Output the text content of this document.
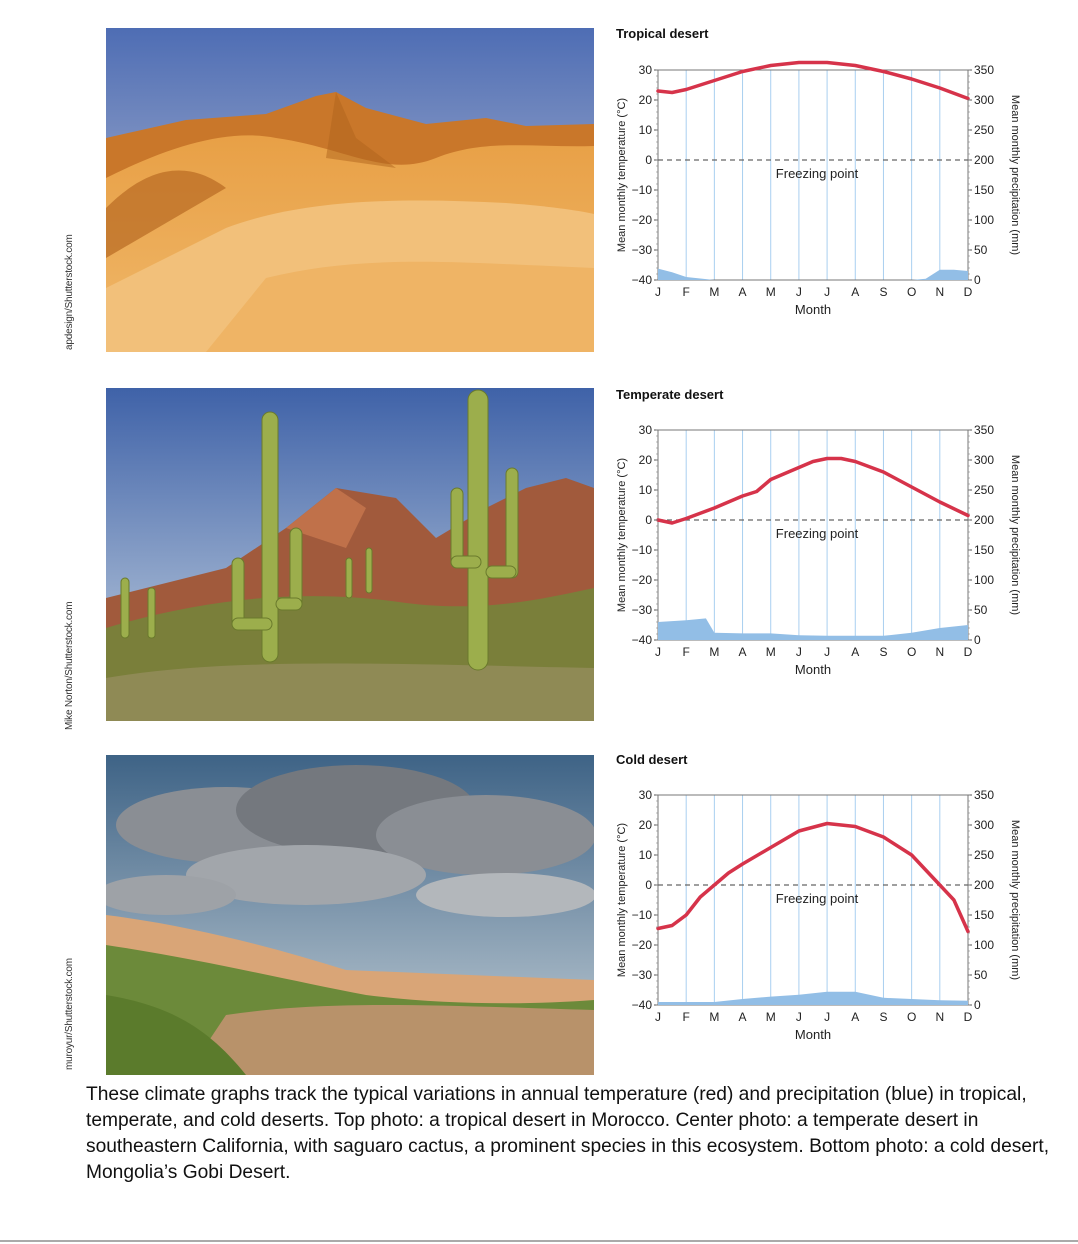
apdesign/Shutterstock.com
Tropical desert
Freezing point
30
20
10
0
−10
−20
−30
−40
350
300
250
200
150
100
50
0
J F M A M J J A S O N D
Month
Mean monthly temperature (°C)	Mean monthly precipitation (mm)
Mike Norton/Shutterstock.com
Temperate desert
Freezing point
30
20
10
0
−10
−20
−30
−40
350
300
250
200
150
100
50
0
J F M A M J J A S O N D
Month
Mean monthly temperature (°C)	Mean monthly precipitation (mm)
muroyur/Shutterstock.com
Cold desert
Freezing point
30
20
10
0
−10
−20
−30
−40
350
300
250
200
150
100
50
0
J F M A M J J A S O N D
Month
Mean monthly temperature (°C)	Mean monthly precipitation (mm)
These climate graphs track the typical variations in annual temperature (red) and precipitation (blue) in tropical, temperate, and cold deserts. Top photo: a tropical desert in Morocco. Center photo: a temperate desert in southeastern California, with saguaro cactus, a prominent species in this ecosystem. Bottom photo: a cold desert, Mongolia’s Gobi Desert.
